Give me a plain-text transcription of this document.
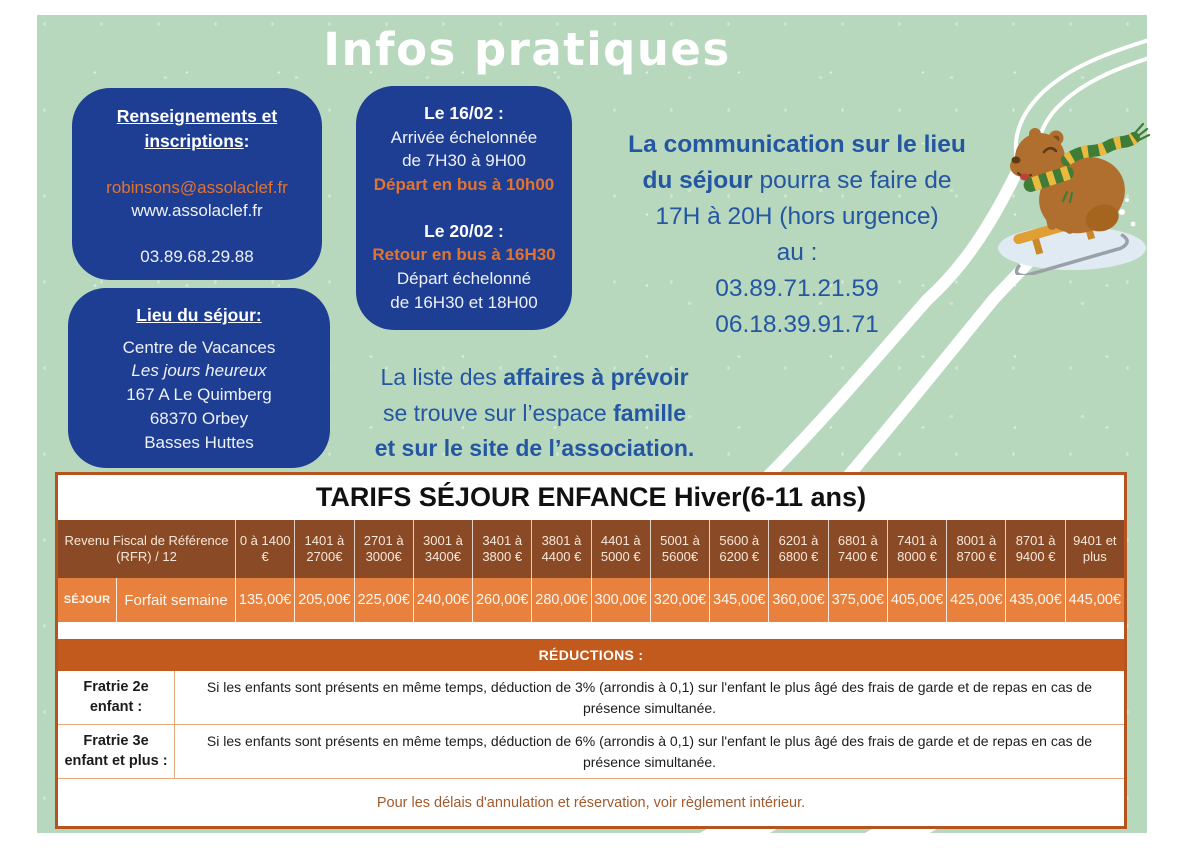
Infos pratiques
Renseignements et inscriptions:
robinsons@assolaclef.fr
www.assolaclef.fr
03.89.68.29.88
Le 16/02 :
Arrivée échelonnée
de 7H30 à 9H00
Départ en bus à 10h00
Le 20/02 :
Retour en bus à 16H30
Départ échelonné
de 16H30 et 18H00
Lieu du séjour:
Centre de Vacances
Les jours heureux
167 A Le Quimberg
68370 Orbey
Basses Huttes
La communication sur le lieu
du séjour pourra se faire de
17H à 20H (hors urgence)
au :
03.89.71.21.59
06.18.39.91.71
La liste des affaires à prévoir
se trouve sur l’espace famille
et sur le site de l’association.
TARIFS SÉJOUR ENFANCE Hiver(6-11 ans)
Revenu Fiscal de Référence (RFR) / 12
0 à 1400 €
1401 à 2700€
2701 à 3000€
3001 à 3400€
3401 à 3800 €
3801 à 4400 €
4401 à 5000 €
5001 à 5600€
5600 à 6200 €
6201 à 6800 €
6801 à 7400 €
7401 à 8000 €
8001 à 8700 €
8701 à 9400 €
9401 et plus
SÉJOUR Forfait semaine 135,00€ 205,00€ 225,00€ 240,00€ 260,00€ 280,00€ 300,00€ 320,00€ 345,00€ 360,00€ 375,00€ 405,00€ 425,00€ 435,00€ 445,00€
RÉDUCTIONS :
Fratrie 2e enfant :
Si les enfants sont présents en même temps, déduction de 3% (arrondis à 0,1) sur l'enfant le plus âgé des frais de garde et de repas en cas de présence simultanée.
Fratrie 3e enfant et plus :
Si les enfants sont présents en même temps, déduction de 6% (arrondis à 0,1) sur l'enfant le plus âgé des frais de garde et de repas en cas de présence simultanée.
Pour les délais d'annulation et réservation, voir règlement intérieur.
